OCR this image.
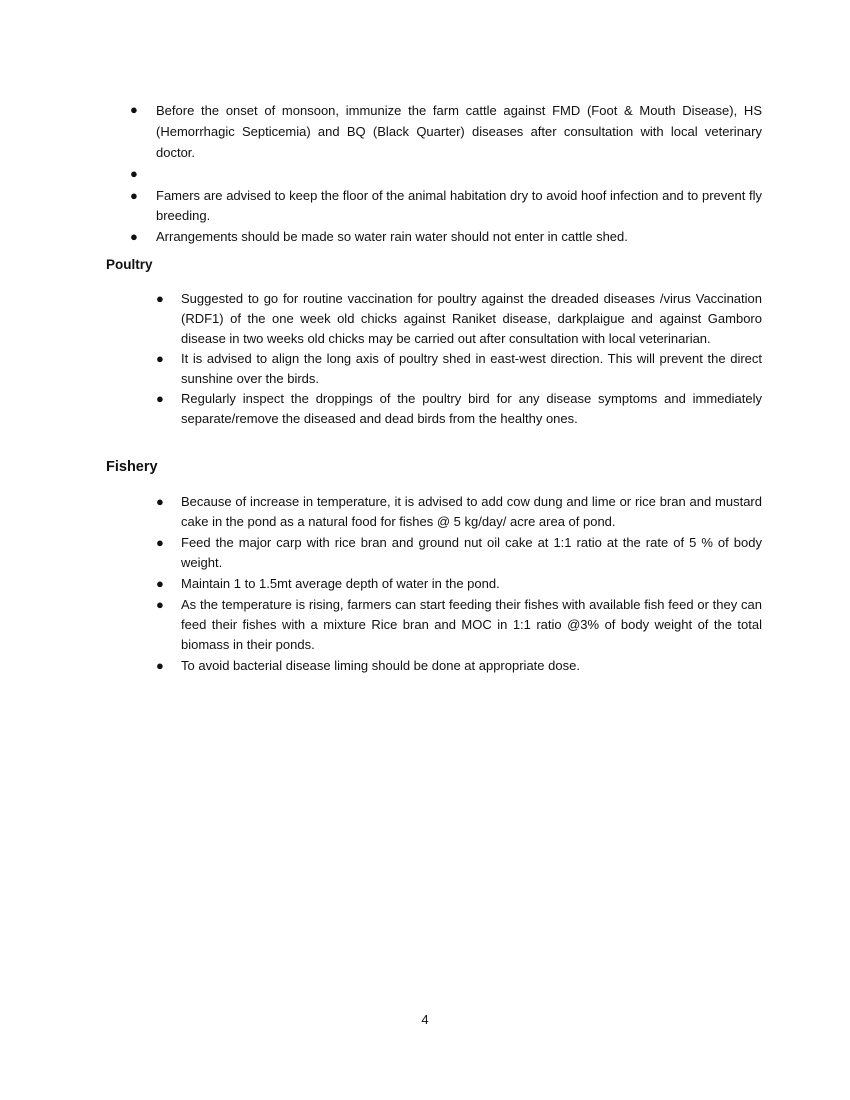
● Before the onset of monsoon, immunize the farm cattle against FMD (Foot & Mouth Disease), HS (Hemorrhagic Septicemia) and BQ (Black Quarter) diseases after consultation with local veterinary doctor.
●
● Famers are advised to keep the floor of the animal habitation dry to avoid hoof infection and to prevent fly breeding.
● Arrangements should be made so water rain water should not enter in cattle shed.
Poultry
● Suggested to go for routine vaccination for poultry against the dreaded diseases /virus Vaccination (RDF1) of the one week old chicks against Raniket disease, darkplaigue and against Gamboro disease in two weeks old chicks may be carried out after consultation with local veterinarian.
● It is advised to align the long axis of poultry shed in east-west direction. This will prevent the direct sunshine over the birds.
● Regularly inspect the droppings of the poultry bird for any disease symptoms and immediately separate/remove the diseased and dead birds from the healthy ones.
Fishery
● Because of increase in temperature, it is advised to add cow dung and lime or rice bran and mustard cake in the pond as a natural food for fishes @ 5 kg/day/ acre area of pond.
● Feed the major carp with rice bran and ground nut oil cake at 1:1 ratio at the rate of 5 % of body weight.
● Maintain 1 to 1.5mt average depth of water in the pond.
● As the temperature is rising, farmers can start feeding their fishes with available fish feed or they can feed their fishes with a mixture Rice bran and MOC in 1:1 ratio @3% of body weight of the total biomass in their ponds.
● To avoid bacterial disease liming should be done at appropriate dose.
4
